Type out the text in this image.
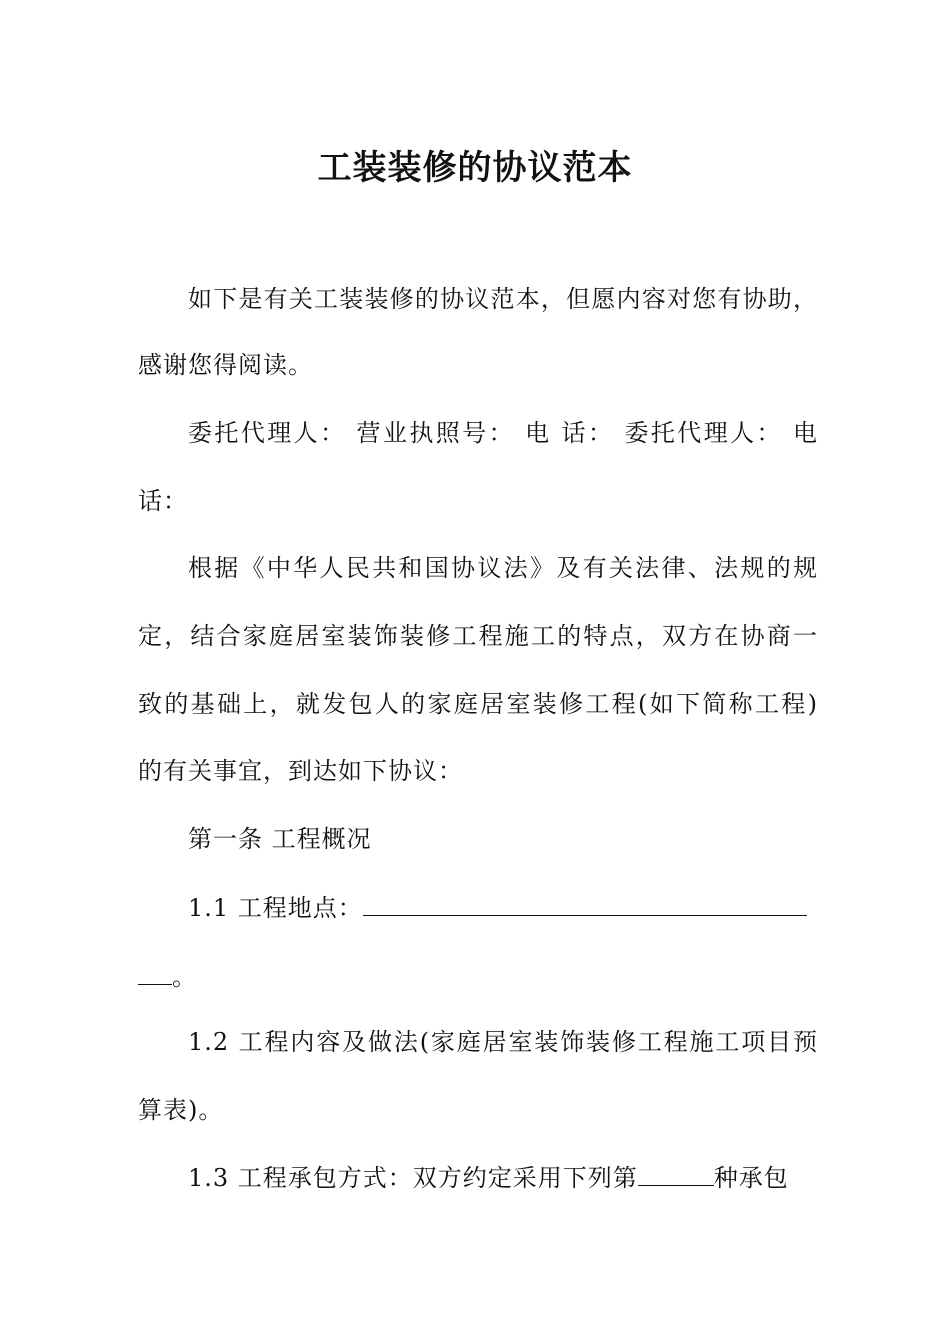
工装装修的协议范本
如下是有关工装装修的协议范本，但愿内容对您有协助，
感谢您得阅读。
委托代理人： 营业执照号： 电 话： 委托代理人： 电
话：
根据《中华人民共和国协议法》及有关法律、法规的规
定，结合家庭居室装饰装修工程施工的特点，双方在协商一
致的基础上，就发包人的家庭居室装修工程(如下简称工程)
的有关事宜，到达如下协议：
第一条 工程概况
1.1 工程地点：
。
1.2 工程内容及做法(家庭居室装饰装修工程施工项目预
算表)。
1.3 工程承包方式：双方约定采用下列第	种承包
